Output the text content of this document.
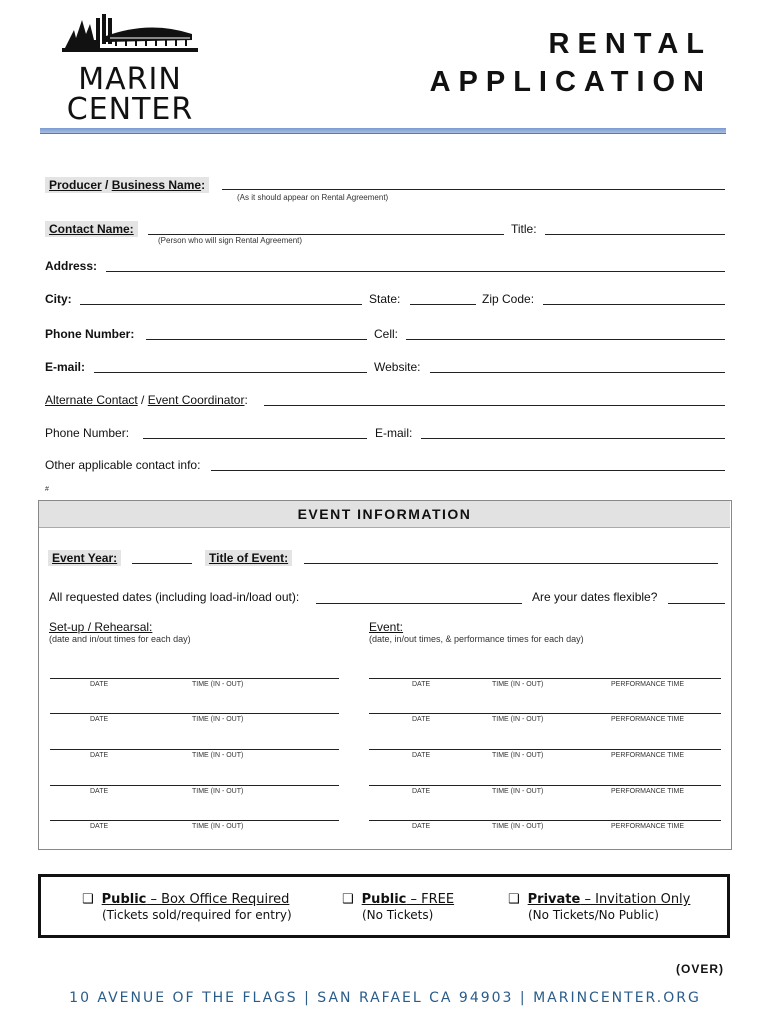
MARIN
CENTER
RENTAL
APPLICATION
Producer / Business Name:
(As it should appear on Rental Agreement)
Contact Name:
(Person who will sign Rental Agreement)
Title:
Address:
City:	State:	Zip Code:
Phone Number:	Cell:
E-mail:	Website:
Alternate Contact / Event Coordinator:
Phone Number:	E-mail:
Other applicable contact info:
#
EVENT INFORMATION
Event Year:	Title of Event:
All requested dates (including load-in/load out):	Are your dates flexible?
Set-up / Rehearsal:
(date and in/out times for each day)
Event:
(date, in/out times, & performance times for each day)
DATE	TIME (IN - OUT)	DATE	TIME (IN - OUT)	PERFORMANCE TIME
DATE	TIME (IN - OUT)	DATE	TIME (IN - OUT)	PERFORMANCE TIME
DATE	TIME (IN - OUT)	DATE	TIME (IN - OUT)	PERFORMANCE TIME
DATE	TIME (IN - OUT)	DATE	TIME (IN - OUT)	PERFORMANCE TIME
DATE	TIME (IN - OUT)	DATE	TIME (IN - OUT)	PERFORMANCE TIME
❑ Public – Box Office Required
(Tickets sold/required for entry)
❑ Public – FREE
(No Tickets)
❑ Private – Invitation Only
(No Tickets/No Public)
(OVER)
10 AVENUE OF THE FLAGS | SAN RAFAEL CA 94903 | MARINCENTER.ORG
